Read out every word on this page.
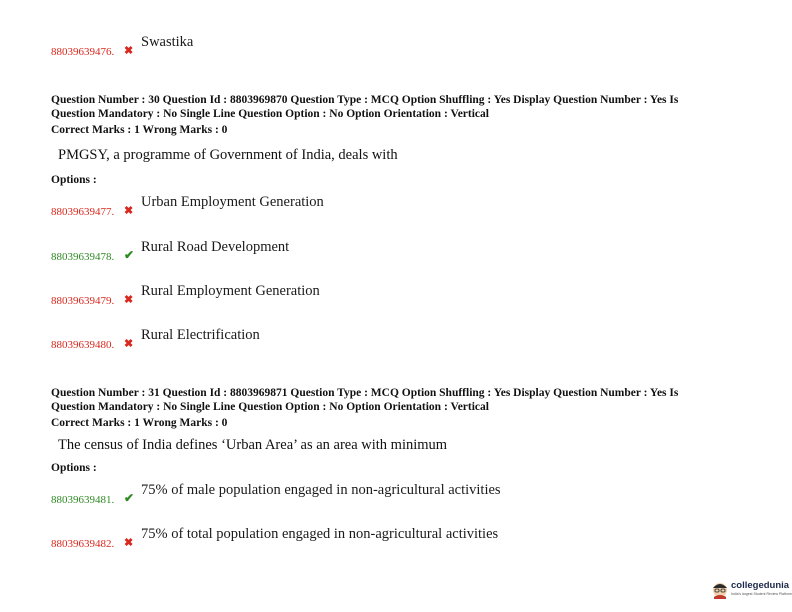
88039639476. ✖
Swastika
Question Number : 30 Question Id : 8803969870 Question Type : MCQ Option Shuffling : Yes Display Question Number : Yes Is
Question Mandatory : No Single Line Question Option : No Option Orientation : Vertical
Correct Marks : 1 Wrong Marks : 0
PMGSY, a programme of Government of India, deals with
Options :
88039639477. ✖
Urban Employment Generation
88039639478. ✔ Rural Road Development
88039639479. ✖
Rural Employment Generation
88039639480. ✖
Rural Electrification
Question Number : 31 Question Id : 8803969871 Question Type : MCQ Option Shuffling : Yes Display Question Number : Yes Is
Question Mandatory : No Single Line Question Option : No Option Orientation : Vertical
Correct Marks : 1 Wrong Marks : 0
The census of India defines ‘Urban Area’ as an area with minimum
Options :
88039639481. ✔ 75% of male population engaged in non-agricultural activities
88039639482. ✖
75% of total population engaged in non-agricultural activities
collegedunia
India's largest Student Review Platform
